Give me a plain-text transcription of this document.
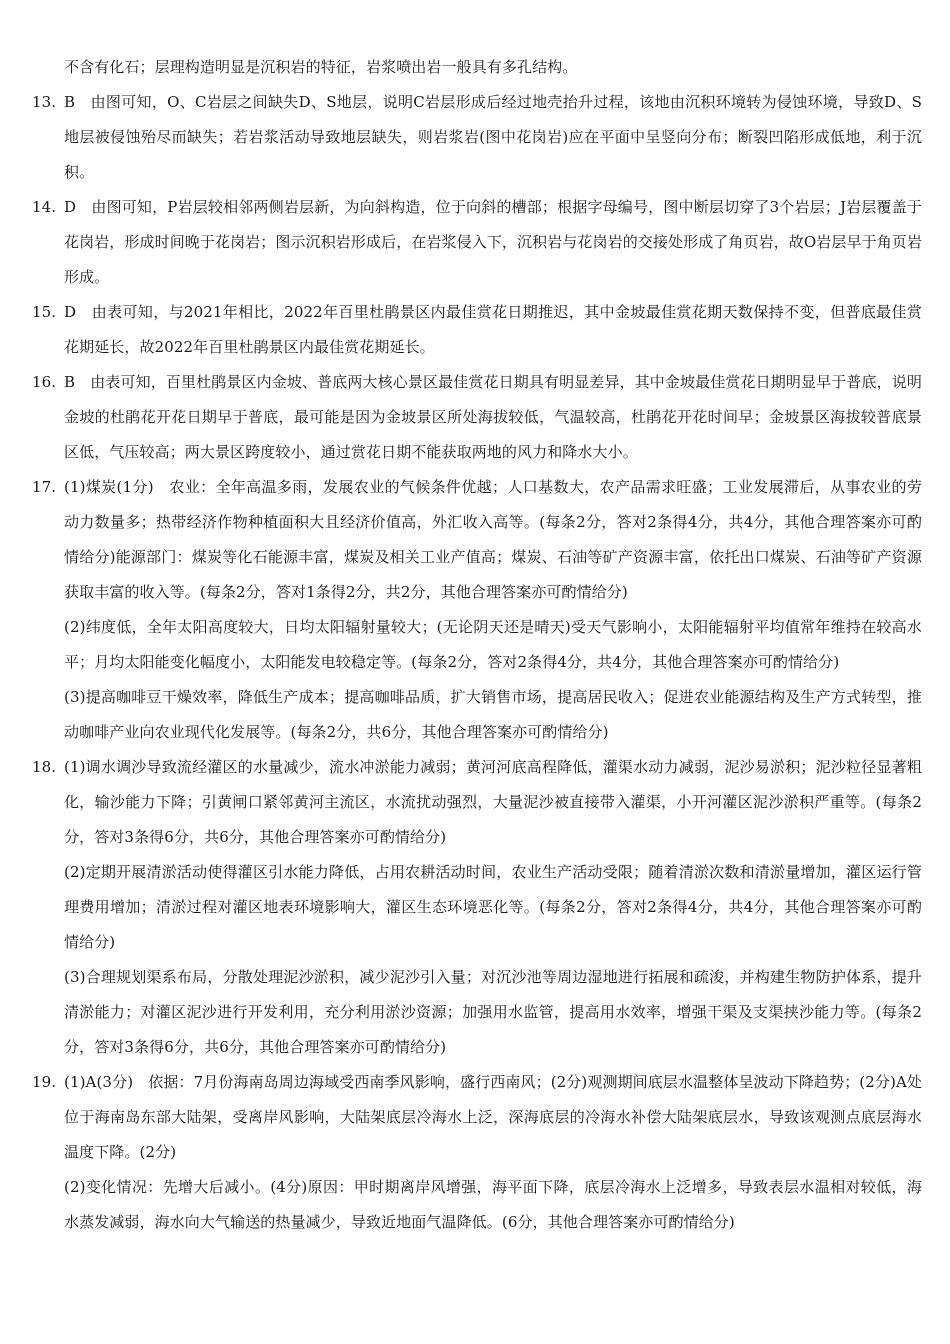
不含有化石；层理构造明显是沉积岩的特征，岩浆喷出岩一般具有多孔结构。

13. B　由图可知，O、C岩层之间缺失D、S地层，说明C岩层形成后经过地壳抬升过程，该地由沉积环境转为侵蚀环境，导致D、S地层被侵蚀殆尽而缺失；若岩浆活动导致地层缺失，则岩浆岩(图中花岗岩)应在平面中呈竖向分布；断裂凹陷形成低地，利于沉积。

14. D　由图可知，P岩层较相邻两侧岩层新，为向斜构造，位于向斜的槽部；根据字母编号，图中断层切穿了3个岩层；J岩层覆盖于花岗岩，形成时间晚于花岗岩；图示沉积岩形成后，在岩浆侵入下，沉积岩与花岗岩的交接处形成了角页岩，故O岩层早于角页岩形成。

15. D　由表可知，与2021年相比，2022年百里杜鹃景区内最佳赏花日期推迟，其中金坡最佳赏花期天数保持不变，但普底最佳赏花期延长，故2022年百里杜鹃景区内最佳赏花期延长。

16. B　由表可知，百里杜鹃景区内金坡、普底两大核心景区最佳赏花日期具有明显差异，其中金坡最佳赏花日期明显早于普底，说明金坡的杜鹃花开花日期早于普底，最可能是因为金坡景区所处海拔较低，气温较高，杜鹃花开花时间早；金坡景区海拔较普底景区低，气压较高；两大景区跨度较小，通过赏花日期不能获取两地的风力和降水大小。

17. (1)煤炭(1分)　农业：全年高温多雨，发展农业的气候条件优越；人口基数大，农产品需求旺盛；工业发展滞后，从事农业的劳动力数量多；热带经济作物种植面积大且经济价值高，外汇收入高等。(每条2分，答对2条得4分，共4分，其他合理答案亦可酌情给分)能源部门：煤炭等化石能源丰富，煤炭及相关工业产值高；煤炭、石油等矿产资源丰富，依托出口煤炭、石油等矿产资源获取丰富的收入等。(每条2分，答对1条得2分，共2分，其他合理答案亦可酌情给分)

(2)纬度低，全年太阳高度较大，日均太阳辐射量较大；(无论阴天还是晴天)受天气影响小，太阳能辐射平均值常年维持在较高水平；月均太阳能变化幅度小，太阳能发电较稳定等。(每条2分，答对2条得4分，共4分，其他合理答案亦可酌情给分)

(3)提高咖啡豆干燥效率，降低生产成本；提高咖啡品质，扩大销售市场，提高居民收入；促进农业能源结构及生产方式转型，推动咖啡产业向农业现代化发展等。(每条2分，共6分，其他合理答案亦可酌情给分)

18. (1)调水调沙导致流经灌区的水量减少，流水冲淤能力减弱；黄河河底高程降低，灌渠水动力减弱，泥沙易淤积；泥沙粒径显著粗化，输沙能力下降；引黄闸口紧邻黄河主流区，水流扰动强烈，大量泥沙被直接带入灌渠，小开河灌区泥沙淤积严重等。(每条2分，答对3条得6分，共6分，其他合理答案亦可酌情给分)

(2)定期开展清淤活动使得灌区引水能力降低，占用农耕活动时间，农业生产活动受限；随着清淤次数和清淤量增加，灌区运行管理费用增加；清淤过程对灌区地表环境影响大，灌区生态环境恶化等。(每条2分，答对2条得4分，共4分，其他合理答案亦可酌情给分)

(3)合理规划渠系布局，分散处理泥沙淤积，减少泥沙引入量；对沉沙池等周边湿地进行拓展和疏浚，并构建生物防护体系，提升清淤能力；对灌区泥沙进行开发利用，充分利用淤沙资源；加强用水监管，提高用水效率，增强干渠及支渠挟沙能力等。(每条2分，答对3条得6分，共6分，其他合理答案亦可酌情给分)

19. (1)A(3分)　依据：7月份海南岛周边海域受西南季风影响，盛行西南风；(2分)观测期间底层水温整体呈波动下降趋势；(2分)A处位于海南岛东部大陆架，受离岸风影响，大陆架底层冷海水上泛，深海底层的冷海水补偿大陆架底层水，导致该观测点底层海水温度下降。(2分)

(2)变化情况：先增大后减小。(4分)原因：甲时期离岸风增强，海平面下降，底层冷海水上泛增多，导致表层水温相对较低，海水蒸发减弱，海水向大气输送的热量减少，导致近地面气温降低。(6分，其他合理答案亦可酌情给分)
